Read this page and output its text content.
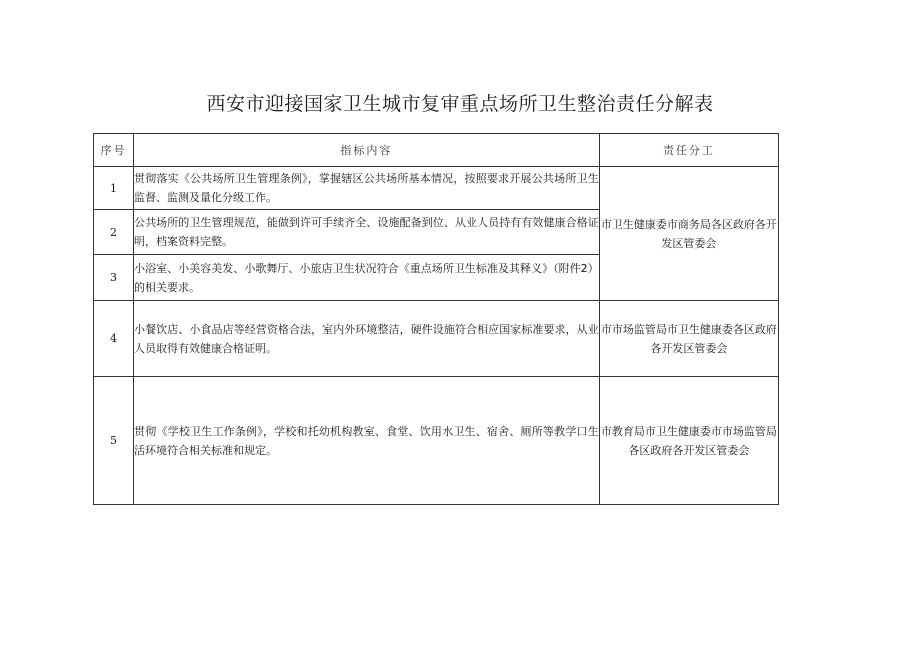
西安市迎接国家卫生城市复审重点场所卫生整治责任分解表
序号	指标内容	责任分工
1	贯彻落实《公共场所卫生管理条例》，掌握辖区公共场所基本情况，按照要求开展公共场所卫生监督、监测及量化分级工作。	市卫生健康委市商务局各区政府各开发区管委会
2	公共场所的卫生管理规范，能做到许可手续齐全、设施配备到位、从业人员持有有效健康合格证明，档案资料完整。	
3	小浴室、小美容美发、小歌舞厅、小旅店卫生状况符合《重点场所卫生标准及其释义》（附件2）的相关要求。	
4	小餐饮店、小食品店等经营资格合法，室内外环境整洁，硬件设施符合相应国家标准要求，从业人员取得有效健康合格证明。	市市场监管局市卫生健康委各区政府各开发区管委会
5	贯彻《学校卫生工作条例》，学校和托幼机构教室、食堂、饮用水卫生、宿舍、厕所等教学口生活环境符合相关标准和规定。	市教育局市卫生健康委市市场监管局各区政府各开发区管委会
